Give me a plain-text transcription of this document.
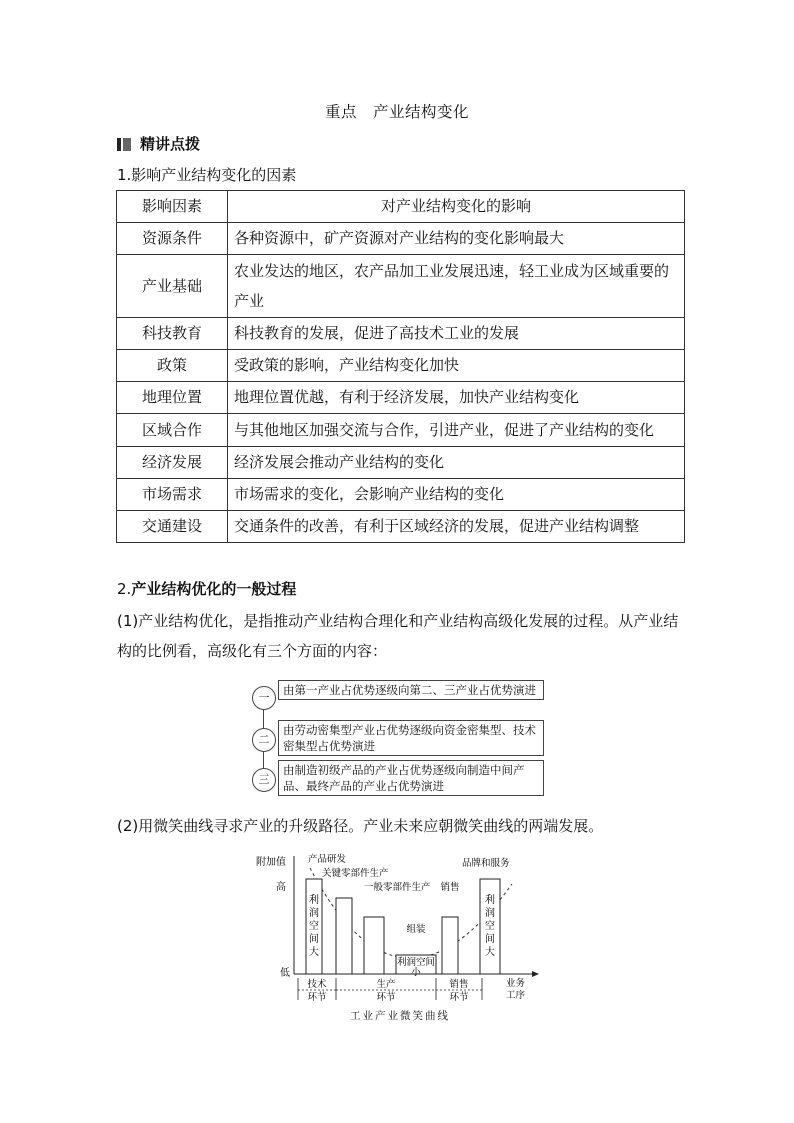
重点　产业结构变化
精讲点拨
1.影响产业结构变化的因素
影响因素	对产业结构变化的影响
资源条件	各种资源中，矿产资源对产业结构的变化影响最大
产业基础	农业发达的地区，农产品加工业发展迅速，轻工业成为区域重要的产业
科技教育	科技教育的发展，促进了高技术工业的发展
政策	受政策的影响，产业结构变化加快
地理位置	地理位置优越，有利于经济发展，加快产业结构变化
区域合作	与其他地区加强交流与合作，引进产业，促进了产业结构的变化
经济发展	经济发展会推动产业结构的变化
市场需求	市场需求的变化，会影响产业结构的变化
交通建设	交通条件的改善，有利于区域经济的发展，促进产业结构调整
2.产业结构优化的一般过程
(1)产业结构优化，是指推动产业结构合理化和产业结构高级化发展的过程。从产业结构的比例看，高级化有三个方面的内容：
一
由第一产业占优势逐级向第二、三产业占优势演进
二
由劳动密集型产业占优势逐级向资金密集型、技术密集型占优势演进
三
由制造初级产品的产业占优势逐级向制造中间产品、最终产品的产业占优势演进
(2)用微笑曲线寻求产业的升级路径。产业未来应朝微笑曲线的两端发展。
附加值
高
低
业务
工序
产品研发
关键零部件生产
一般零部件生产
组装
销售
品牌和服务
利
润
空
间
大
利
润
空
间
大
利润空间
小
技术
环节
生产
环节
销售
环节
工业产业微笑曲线
